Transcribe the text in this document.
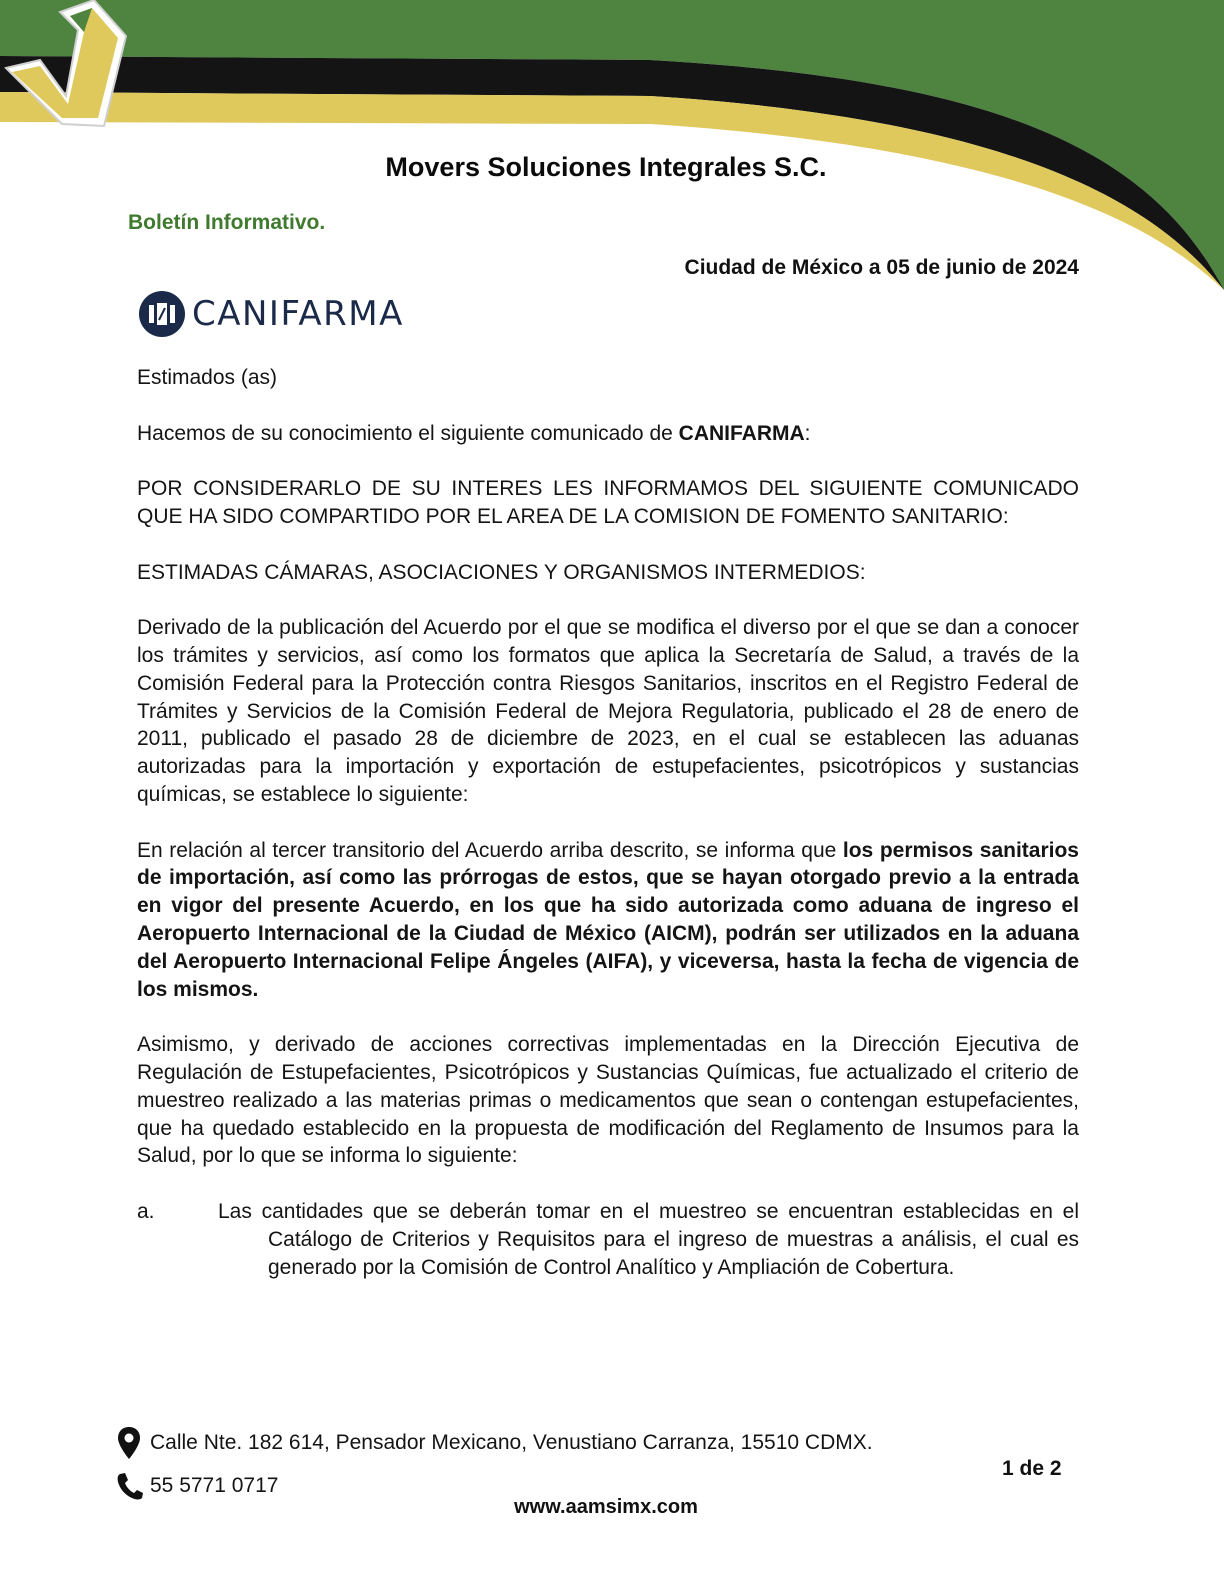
Movers Soluciones Integrales S.C.
Boletín Informativo.
Ciudad de México a 05 de junio de 2024
CANIFARMA

Estimados (as)

Hacemos de su conocimiento el siguiente comunicado de CANIFARMA:

POR CONSIDERARLO DE SU INTERES LES INFORMAMOS DEL SIGUIENTE COMUNICADO QUE HA SIDO COMPARTIDO POR EL AREA DE LA COMISION DE FOMENTO SANITARIO:

ESTIMADAS CÁMARAS, ASOCIACIONES Y ORGANISMOS INTERMEDIOS:

Derivado de la publicación del Acuerdo por el que se modifica el diverso por el que se dan a conocer los trámites y servicios, así como los formatos que aplica la Secretaría de Salud, a través de la Comisión Federal para la Protección contra Riesgos Sanitarios, inscritos en el Registro Federal de Trámites y Servicios de la Comisión Federal de Mejora Regulatoria, publicado el 28 de enero de 2011, publicado el pasado 28 de diciembre de 2023, en el cual se establecen las aduanas autorizadas para la importación y exportación de estupefacientes, psicotrópicos y sustancias químicas, se establece lo siguiente:

En relación al tercer transitorio del Acuerdo arriba descrito, se informa que los permisos sanitarios de importación, así como las prórrogas de estos, que se hayan otorgado previo a la entrada en vigor del presente Acuerdo, en los que ha sido autorizada como aduana de ingreso el Aeropuerto Internacional de la Ciudad de México (AICM), podrán ser utilizados en la aduana del Aeropuerto Internacional Felipe Ángeles (AIFA), y viceversa, hasta la fecha de vigencia de los mismos.

Asimismo, y derivado de acciones correctivas implementadas en la Dirección Ejecutiva de Regulación de Estupefacientes, Psicotrópicos y Sustancias Químicas, fue actualizado el criterio de muestreo realizado a las materias primas o medicamentos que sean o contengan estupefacientes, que ha quedado establecido en la propuesta de modificación del Reglamento de Insumos para la Salud, por lo que se informa lo siguiente:

a.	Las cantidades que se deberán tomar en el muestreo se encuentran establecidas en el Catálogo de Criterios y Requisitos para el ingreso de muestras a análisis, el cual es generado por la Comisión de Control Analítico y Ampliación de Cobertura.
Calle Nte. 182 614, Pensador Mexicano, Venustiano Carranza, 15510 CDMX.
55 5771 0717
1 de 2
www.aamsimx.com
